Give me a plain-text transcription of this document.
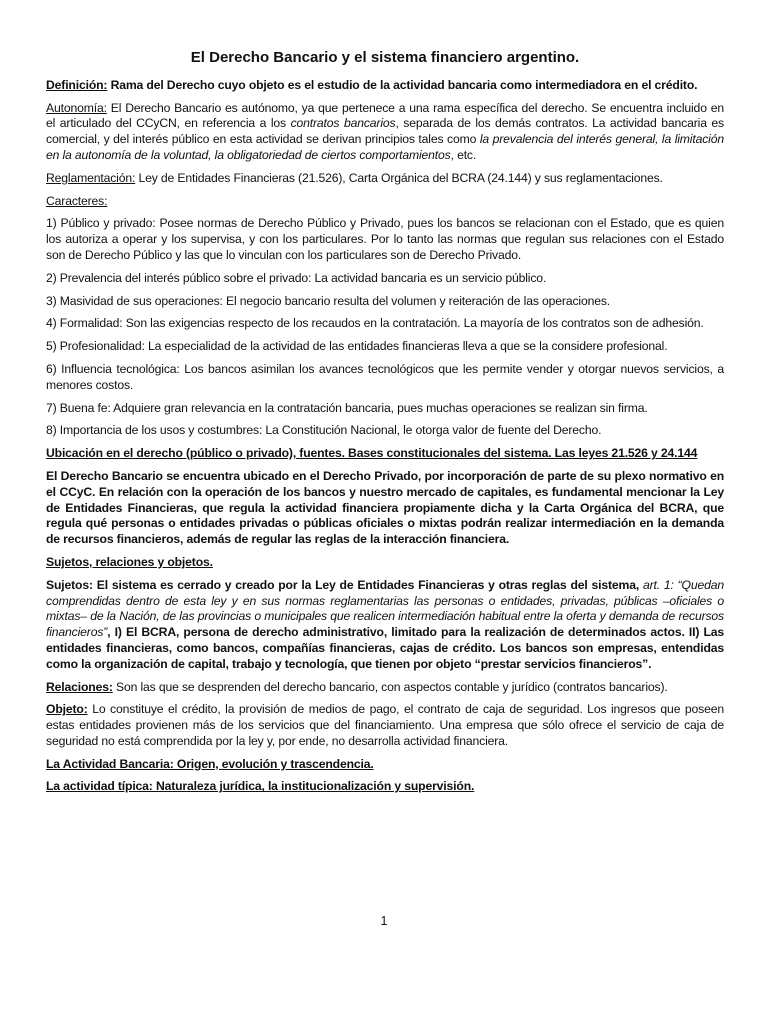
El Derecho Bancario y el sistema financiero argentino.

Definición: Rama del Derecho cuyo objeto es el estudio de la actividad bancaria como intermediadora en el crédito.

Autonomía: El Derecho Bancario es autónomo, ya que pertenece a una rama específica del derecho. Se encuentra incluido en el articulado del CCyCN, en referencia a los contratos bancarios, separada de los demás contratos. La actividad bancaria es comercial, y del interés público en esta actividad se derivan principios tales como la prevalencia del interés general, la limitación en la autonomía de la voluntad, la obligatoriedad de ciertos comportamientos, etc.

Reglamentación: Ley de Entidades Financieras (21.526), Carta Orgánica del BCRA (24.144) y sus reglamentaciones.

Caracteres:

1) Público y privado: Posee normas de Derecho Público y Privado, pues los bancos se relacionan con el Estado, que es quien los autoriza a operar y los supervisa, y con los particulares. Por lo tanto las normas que regulan sus relaciones con el Estado son de Derecho Público y las que lo vinculan con los particulares son de Derecho Privado.

2) Prevalencia del interés público sobre el privado: La actividad bancaria es un servicio público.

3) Masividad de sus operaciones: El negocio bancario resulta del volumen y reiteración de las operaciones.

4) Formalidad: Son las exigencias respecto de los recaudos en la contratación. La mayoría de los contratos son de adhesión.

5) Profesionalidad: La especialidad de la actividad de las entidades financieras lleva a que se la considere profesional.

6) Influencia tecnológica: Los bancos asimilan los avances tecnológicos que les permite vender y otorgar nuevos servicios, a menores costos.

7) Buena fe: Adquiere gran relevancia en la contratación bancaria, pues muchas operaciones se realizan sin firma.

8) Importancia de los usos y costumbres: La Constitución Nacional, le otorga valor de fuente del Derecho.

Ubicación en el derecho (público o privado), fuentes. Bases constitucionales del sistema. Las leyes 21.526 y 24.144

El Derecho Bancario se encuentra ubicado en el Derecho Privado, por incorporación de parte de su plexo normativo en el CCyC. En relación con la operación de los bancos y nuestro mercado de capitales, es fundamental mencionar la Ley de Entidades Financieras, que regula la actividad financiera propiamente dicha y la Carta Orgánica del BCRA, que regula qué personas o entidades privadas o públicas oficiales o mixtas podrán realizar intermediación en la demanda de recursos financieros, además de regular las reglas de la interacción financiera.

Sujetos, relaciones y objetos.

Sujetos: El sistema es cerrado y creado por la Ley de Entidades Financieras y otras reglas del sistema, art. 1: “Quedan comprendidas dentro de esta ley y en sus normas reglamentarias las personas o entidades, privadas, públicas –oficiales o mixtas– de la Nación, de las provincias o municipales que realicen intermediación habitual entre la oferta y demanda de recursos financieros”, I) El BCRA, persona de derecho administrativo, limitado para la realización de determinados actos. II) Las entidades financieras, como bancos, compañías financieras, cajas de crédito. Los bancos son empresas, entendidas como la organización de capital, trabajo y tecnología, que tienen por objeto “prestar servicios financieros”.

Relaciones: Son las que se desprenden del derecho bancario, con aspectos contable y jurídico (contratos bancarios).

Objeto: Lo constituye el crédito, la provisión de medios de pago, el contrato de caja de seguridad. Los ingresos que poseen estas entidades provienen más de los servicios que del financiamiento. Una empresa que sólo ofrece el servicio de caja de seguridad no está comprendida por la ley y, por ende, no desarrolla actividad financiera.

La Actividad Bancaria: Origen, evolución y trascendencia.

La actividad típica: Naturaleza jurídica, la institucionalización y supervisión.

1
